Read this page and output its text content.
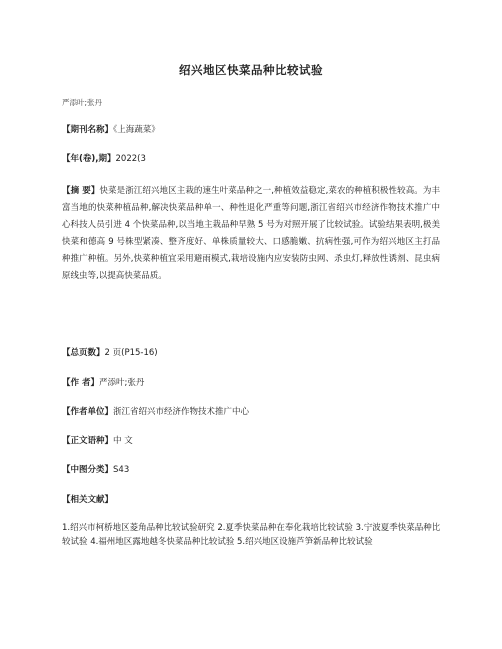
绍兴地区快菜品种比较试验
严添叶;张丹
【期刊名称】《上海蔬菜》
【年(卷),期】2022(3
【摘 要】快菜是浙江绍兴地区主栽的速生叶菜品种之一,种植效益稳定,菜农的种植积极性较高。为丰富当地的快菜种植品种,解决快菜品种单一、种性退化严重等问题,浙江省绍兴市经济作物技术推广中心科技人员引进 4 个快菜品种,以当地主栽品种早熟 5 号为对照开展了比较试验。试验结果表明,极美快菜和德高 9 号株型紧凑、整齐度好、单株质量较大、口感脆嫩、抗病性强,可作为绍兴地区主打品种推广种植。另外,快菜种植宜采用避雨模式,栽培设施内应安装防虫网、杀虫灯,释放性诱剂、昆虫病原线虫等,以提高快菜品质。
【总页数】2 页(P15-16)
【作 者】严添叶;张丹
【作者单位】浙江省绍兴市经济作物技术推广中心
【正文语种】中 文
【中图分类】S43
【相关文献】
1.绍兴市柯桥地区菱角品种比较试验研究 2.夏季快菜品种在奉化栽培比较试验 3.宁波夏季快菜品种比较试验 4.福州地区露地越冬快菜品种比较试验 5.绍兴地区设施芦笋新品种比较试验
